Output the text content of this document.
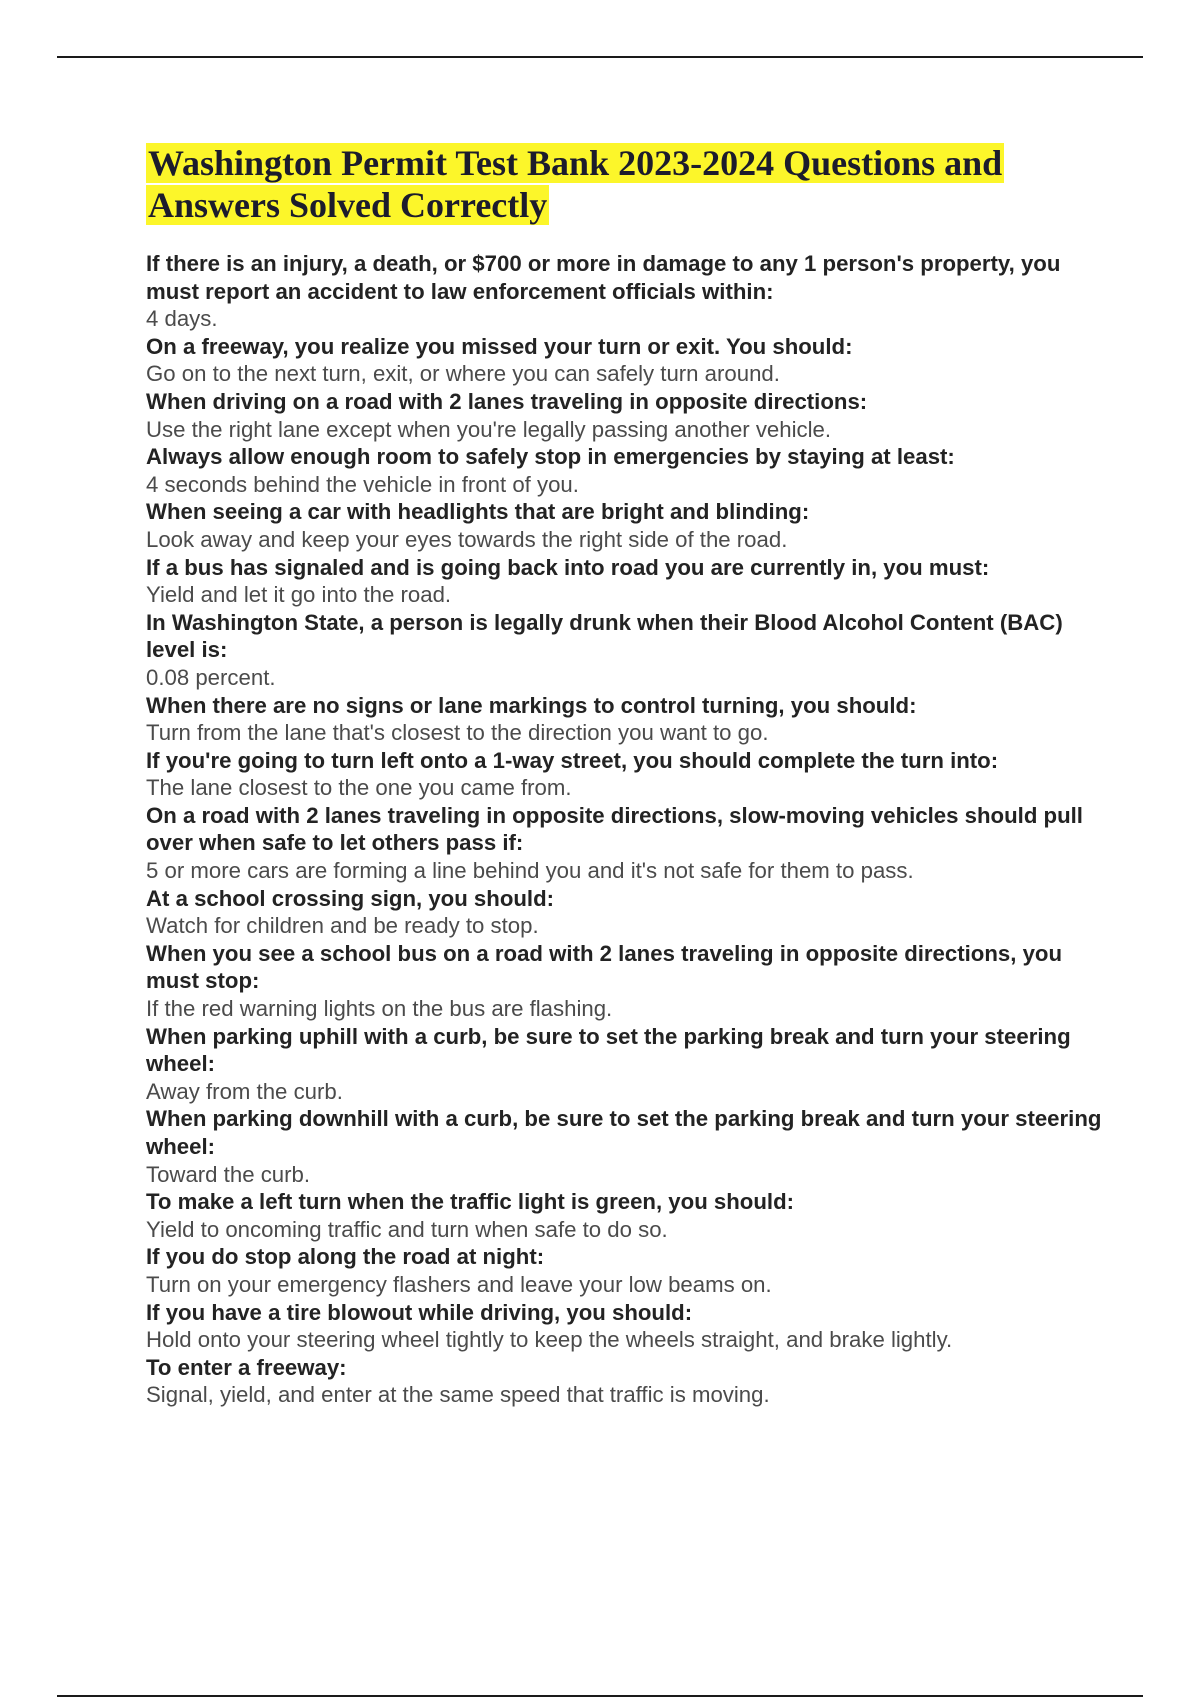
Washington Permit Test Bank 2023-2024 Questions and Answers Solved Correctly
If there is an injury, a death, or $700 or more in damage to any 1 person's property, you must report an accident to law enforcement officials within:
4 days.
On a freeway, you realize you missed your turn or exit. You should:
Go on to the next turn, exit, or where you can safely turn around.
When driving on a road with 2 lanes traveling in opposite directions:
Use the right lane except when you're legally passing another vehicle.
Always allow enough room to safely stop in emergencies by staying at least:
4 seconds behind the vehicle in front of you.
When seeing a car with headlights that are bright and blinding:
Look away and keep your eyes towards the right side of the road.
If a bus has signaled and is going back into road you are currently in, you must:
Yield and let it go into the road.
In Washington State, a person is legally drunk when their Blood Alcohol Content (BAC) level is:
0.08 percent.
When there are no signs or lane markings to control turning, you should:
Turn from the lane that's closest to the direction you want to go.
If you're going to turn left onto a 1-way street, you should complete the turn into:
The lane closest to the one you came from.
On a road with 2 lanes traveling in opposite directions, slow-moving vehicles should pull over when safe to let others pass if:
5 or more cars are forming a line behind you and it's not safe for them to pass.
At a school crossing sign, you should:
Watch for children and be ready to stop.
When you see a school bus on a road with 2 lanes traveling in opposite directions, you must stop:
If the red warning lights on the bus are flashing.
When parking uphill with a curb, be sure to set the parking break and turn your steering wheel:
Away from the curb.
When parking downhill with a curb, be sure to set the parking break and turn your steering wheel:
Toward the curb.
To make a left turn when the traffic light is green, you should:
Yield to oncoming traffic and turn when safe to do so.
If you do stop along the road at night:
Turn on your emergency flashers and leave your low beams on.
If you have a tire blowout while driving, you should:
Hold onto your steering wheel tightly to keep the wheels straight, and brake lightly.
To enter a freeway:
Signal, yield, and enter at the same speed that traffic is moving.
